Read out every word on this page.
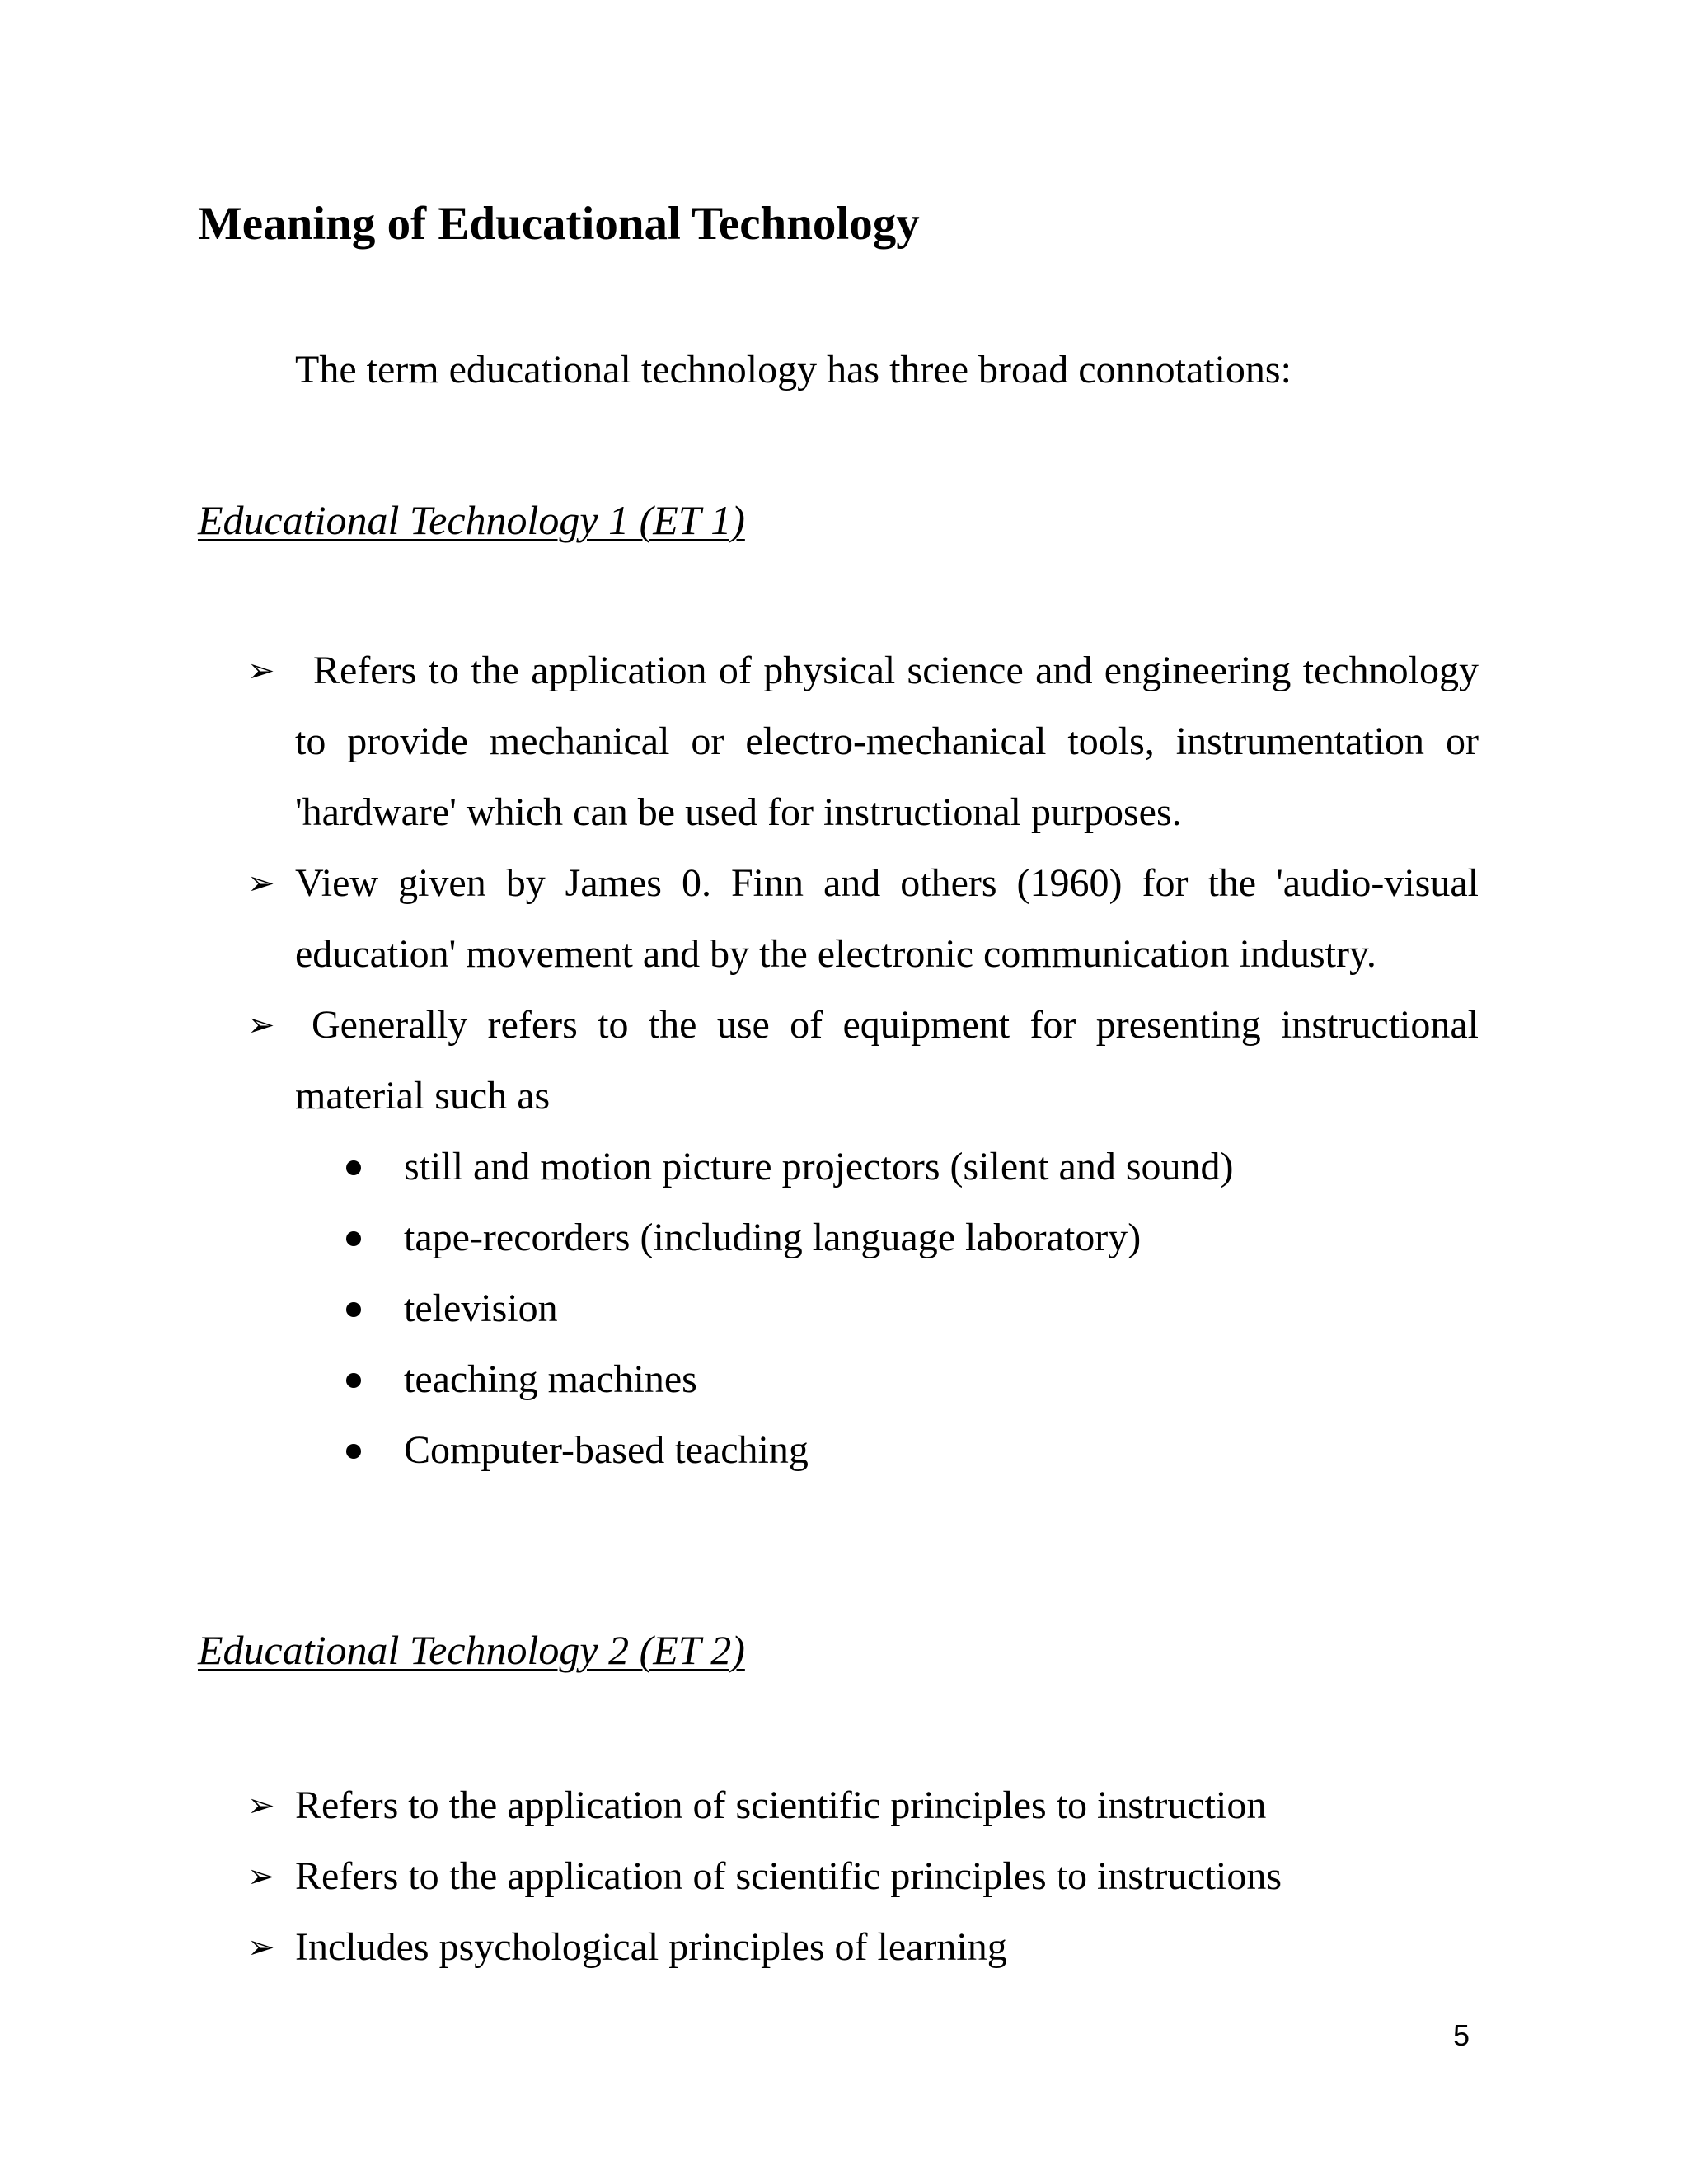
Meaning of Educational Technology

The term educational technology has three broad connotations:

Educational Technology 1 (ET 1)
➢ Refers to the application of physical science and engineering technology to provide mechanical or electro-mechanical tools, instrumentation or 'hardware' which can be used for instructional purposes.
➢ View given by James 0. Finn and others (1960) for the 'audio-visual education' movement and by the electronic communication industry.
➢ Generally refers to the use of equipment for presenting instructional material such as
still and motion picture projectors (silent and sound)
tape-recorders (including language laboratory)
television
teaching machines
Computer-based teaching
Educational Technology 2 (ET 2)
➢ Refers to the application of scientific principles to instruction
➢ Refers to the application of scientific principles to instructions
➢ Includes psychological principles of learning

5
